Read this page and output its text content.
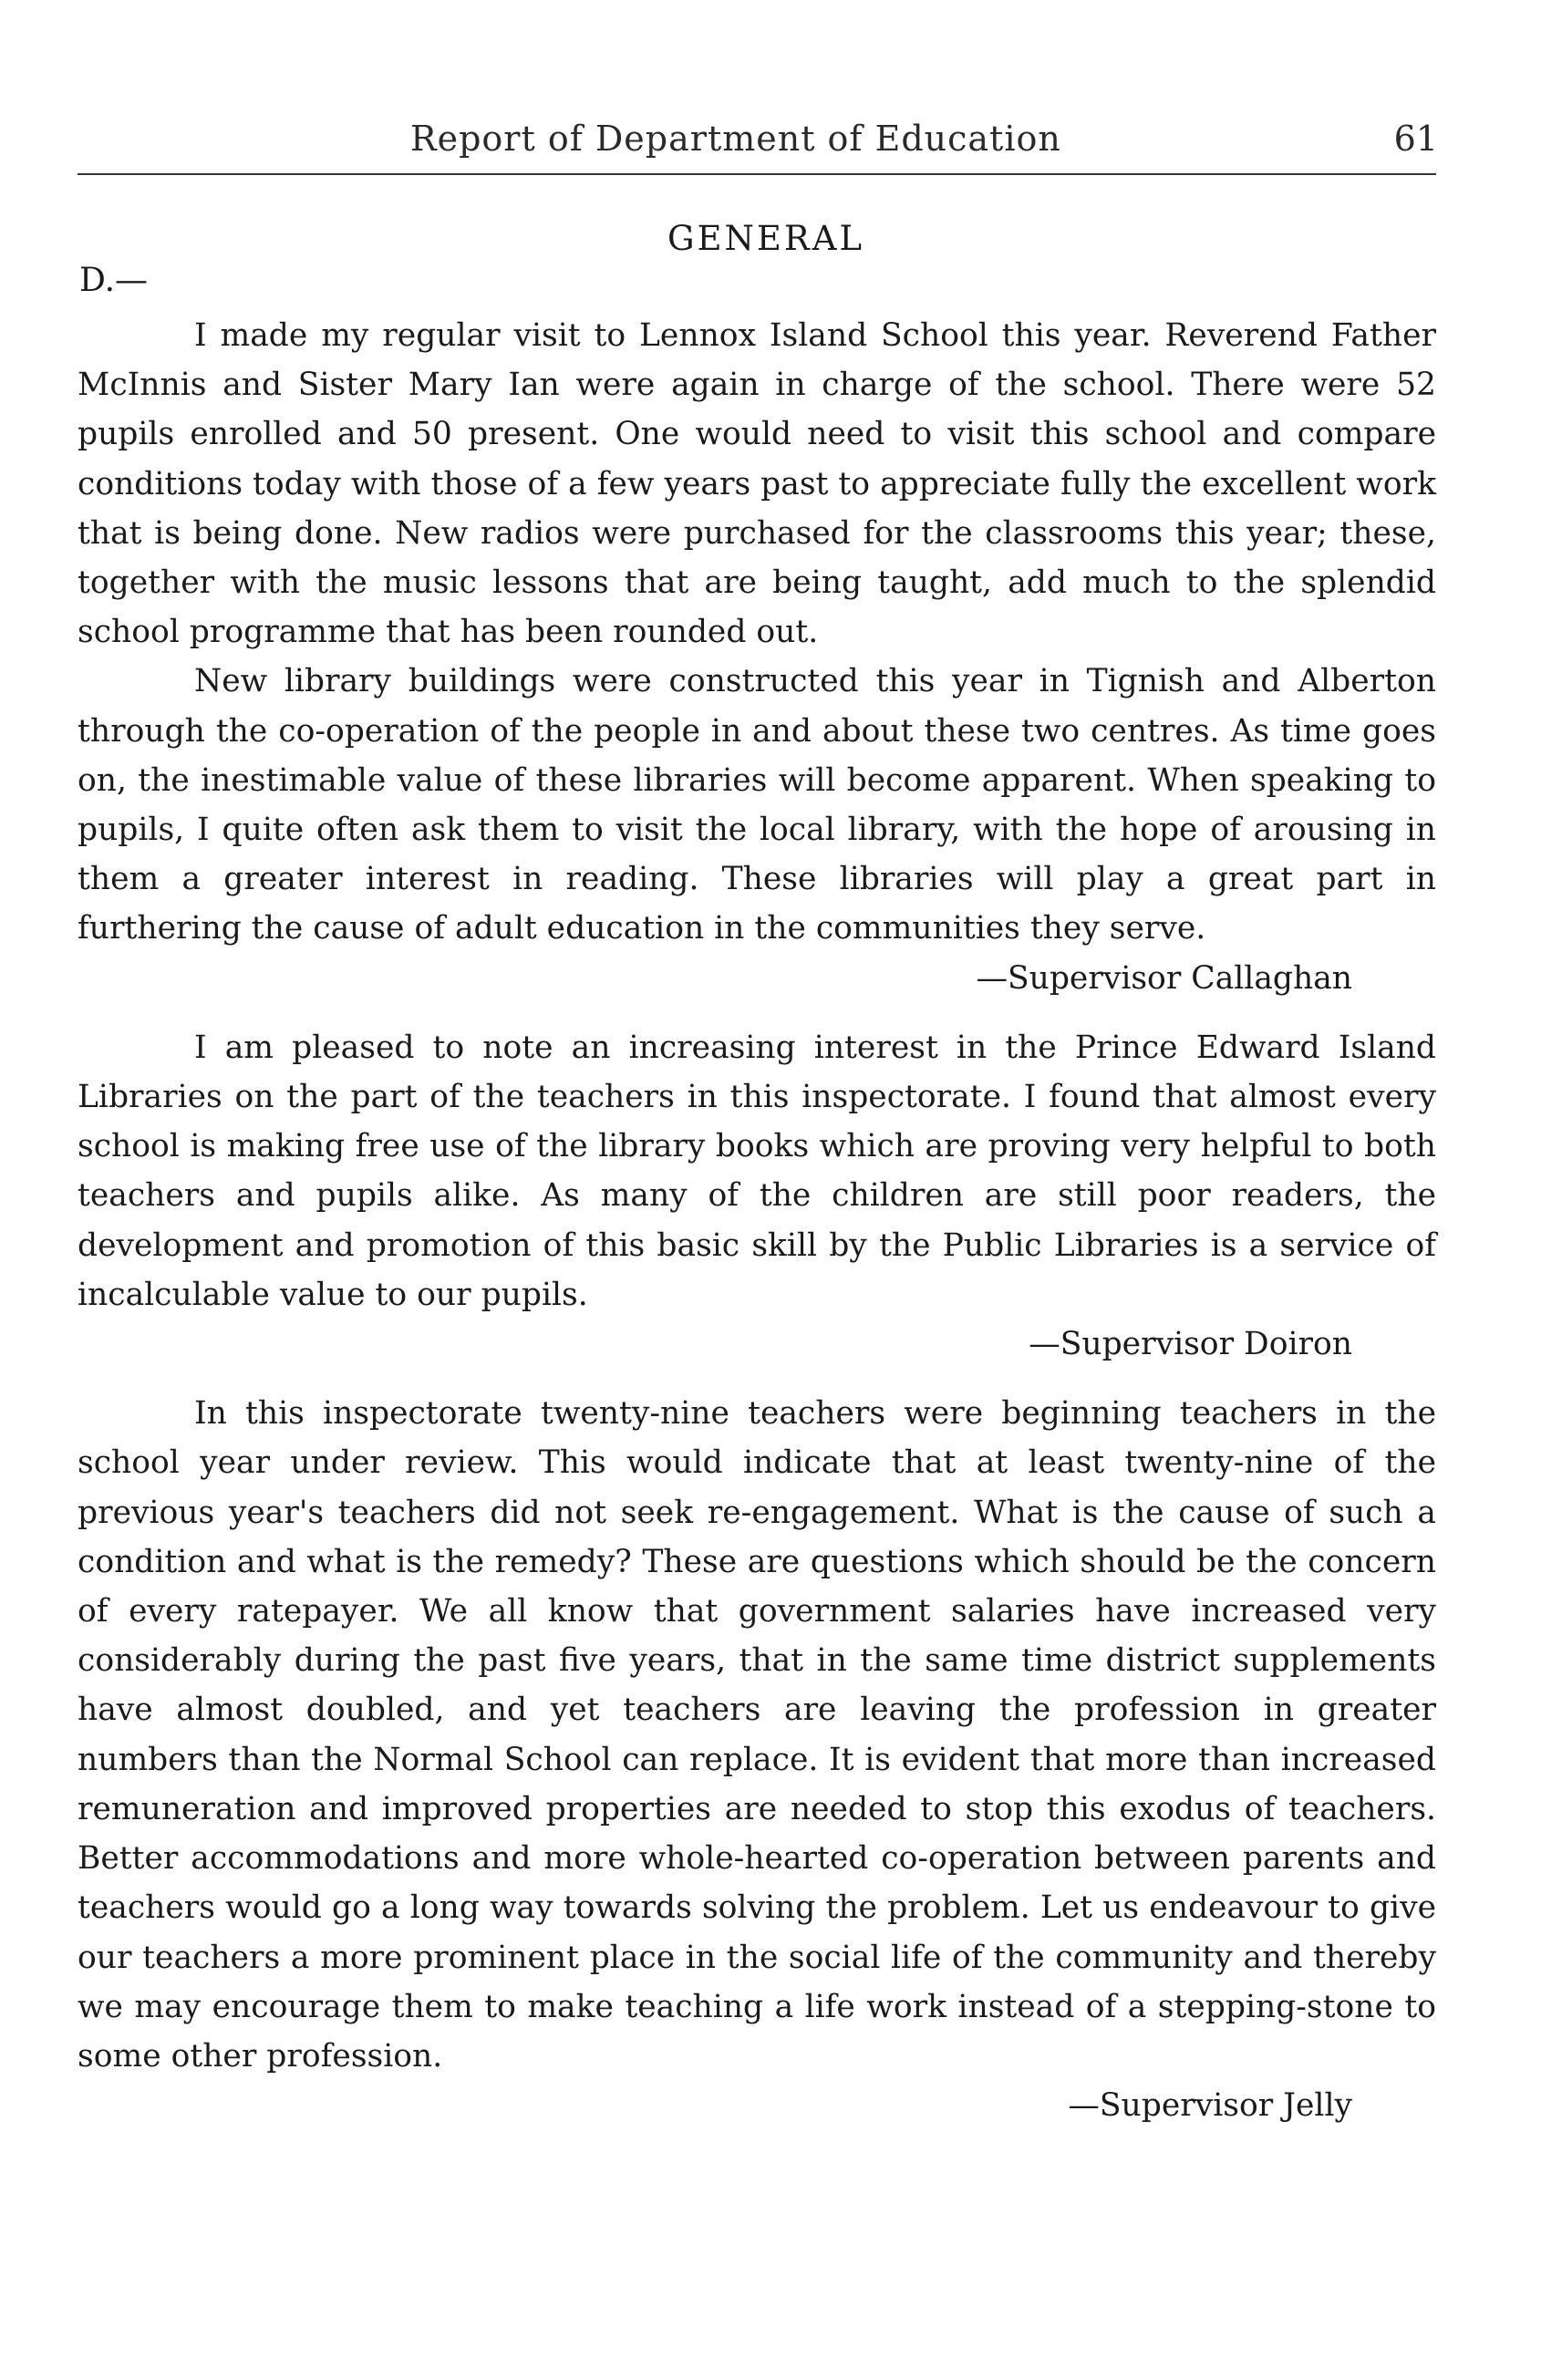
Report of Department of Education	61
GENERAL
D.—

I made my regular visit to Lennox Island School this year. Reverend Father McInnis and Sister Mary Ian were again in charge of the school. There were 52 pupils enrolled and 50 present. One would need to visit this school and compare conditions today with those of a few years past to appreciate fully the excellent work that is being done. New radios were purchased for the classrooms this year; these, together with the music lessons that are being taught, add much to the splendid school programme that has been rounded out.

New library buildings were constructed this year in Tignish and Alberton through the co-operation of the people in and about these two centres. As time goes on, the inestimable value of these libraries will become apparent. When speaking to pupils, I quite often ask them to visit the local library, with the hope of arousing in them a greater interest in reading. These libraries will play a great part in furthering the cause of adult education in the communities they serve.

—Supervisor Callaghan

I am pleased to note an increasing interest in the Prince Edward Island Libraries on the part of the teachers in this inspectorate. I found that almost every school is making free use of the library books which are proving very helpful to both teachers and pupils alike. As many of the children are still poor readers, the development and promotion of this basic skill by the Public Libraries is a service of incalculable value to our pupils.

—Supervisor Doiron

In this inspectorate twenty-nine teachers were beginning teachers in the school year under review. This would indicate that at least twenty-nine of the previous year's teachers did not seek re-engagement. What is the cause of such a condition and what is the remedy? These are questions which should be the concern of every ratepayer. We all know that government salaries have increased very considerably during the past five years, that in the same time district supplements have almost doubled, and yet teachers are leaving the profession in greater numbers than the Normal School can replace. It is evident that more than increased remuneration and improved properties are needed to stop this exodus of teachers. Better accommodations and more whole-hearted co-operation between parents and teachers would go a long way towards solving the problem. Let us endeavour to give our teachers a more prominent place in the social life of the community and thereby we may encourage them to make teaching a life work instead of a stepping-stone to some other profession.

—Supervisor Jelly
